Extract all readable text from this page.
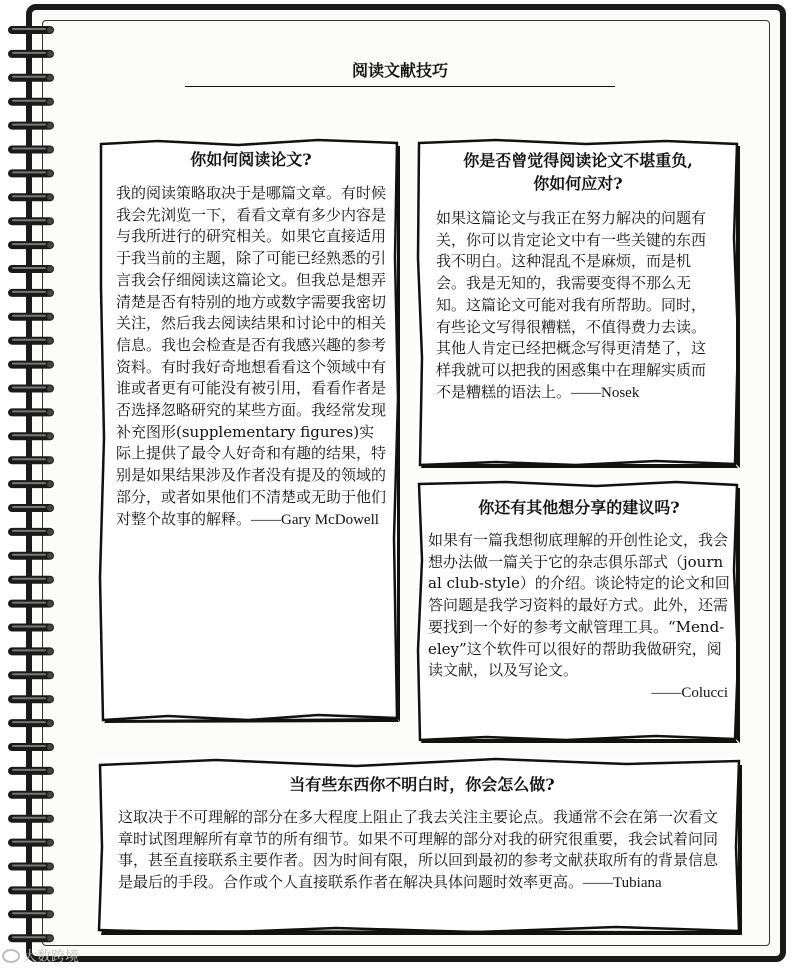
阅读文献技巧
你如何阅读论文?
我的阅读策略取决于是哪篇文章。有时候我会先浏览一下，看看文章有多少内容是与我所进行的研究相关。如果它直接适用于我当前的主题，除了可能已经熟悉的引言我会仔细阅读这篇论文。但我总是想弄清楚是否有特别的地方或数字需要我密切关注，然后我去阅读结果和讨论中的相关信息。我也会检查是否有我感兴趣的参考资料。有时我好奇地想看看这个领域中有谁或者更有可能没有被引用，看看作者是否选择忽略研究的某些方面。我经常发现补充图形(supplementary figures)实际上提供了最令人好奇和有趣的结果，特别是如果结果涉及作者没有提及的领域的部分，或者如果他们不清楚或无助于他们对整个故事的解释。——Gary McDowell
你是否曾觉得阅读论文不堪重负,
你如何应对?
如果这篇论文与我正在努力解决的问题有关，你可以肯定论文中有一些关键的东西我不明白。这种混乱不是麻烦，而是机会。我是无知的，我需要变得不那么无知。这篇论文可能对我有所帮助。同时，有些论文写得很糟糕，不值得费力去读。其他人肯定已经把概念写得更清楚了，这样我就可以把我的困惑集中在理解实质而不是糟糕的语法上。——Nosek
你还有其他想分享的建议吗?
如果有一篇我想彻底理解的开创性论文，我会想办法做一篇关于它的杂志俱乐部式（journal club-style）的介绍。谈论特定的论文和回答问题是我学习资料的最好方式。此外，还需要找到一个好的参考文献管理工具。“Mend-eley”这个软件可以很好的帮助我做研究，阅读文献，以及写论文。
——Colucci
当有些东西你不明白时，你会怎么做?
这取决于不可理解的部分在多大程度上阻止了我去关注主要论点。我通常不会在第一次看文章时试图理解所有章节的所有细节。如果不可理解的部分对我的研究很重要，我会试着问同事，甚至直接联系主要作者。因为时间有限，所以回到最初的参考文献获取所有的背景信息是最后的手段。合作或个人直接联系作者在解决具体问题时效率更高。——Tubiana
大数跨境
